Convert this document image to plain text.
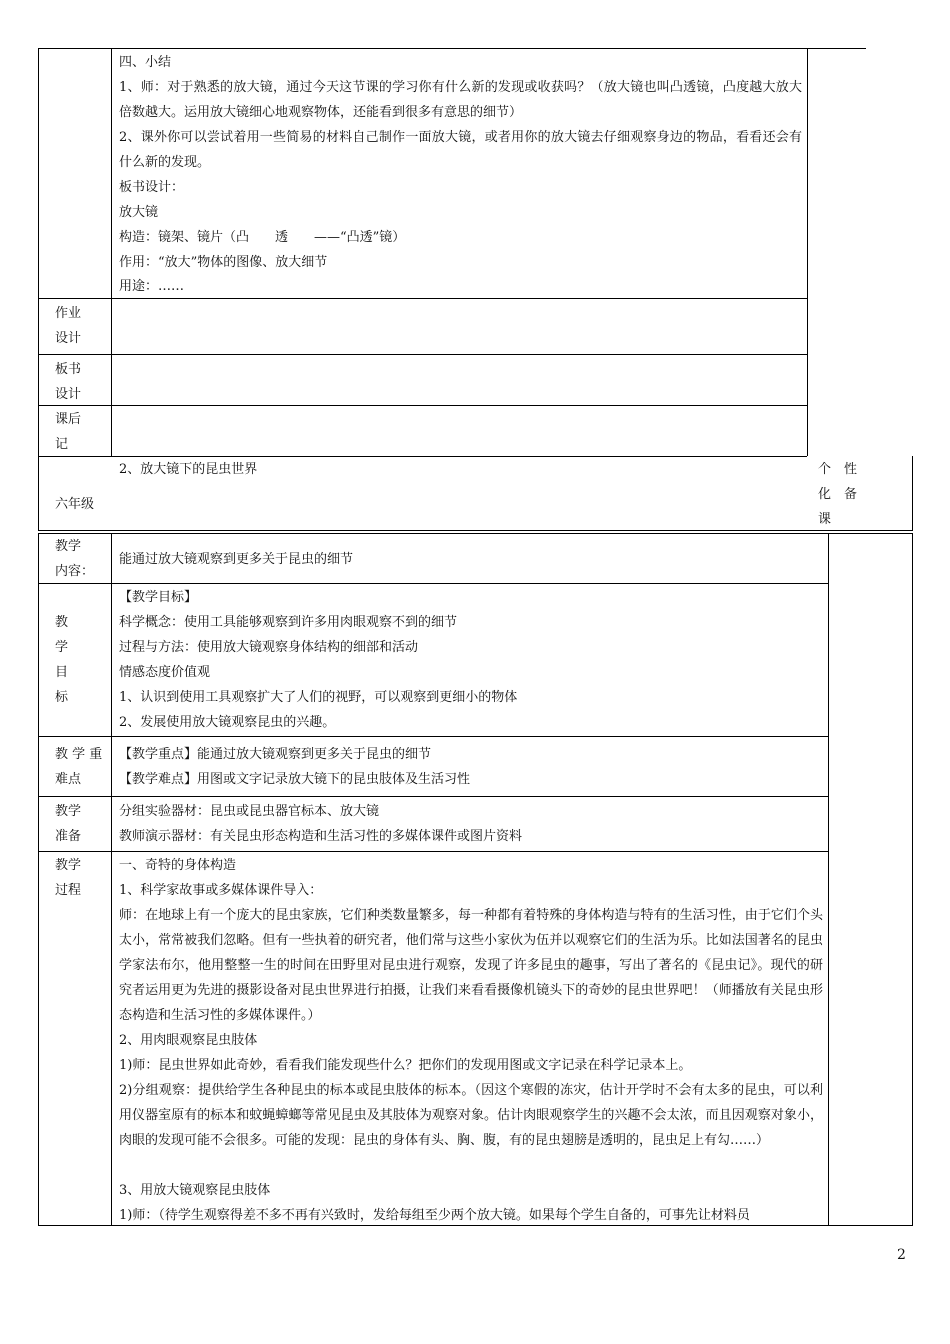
四、小结
1、师：对于熟悉的放大镜，通过今天这节课的学习你有什么新的发现或收获吗？（放大镜也叫凸透镜，凸度越大放大倍数越大。运用放大镜细心地观察物体，还能看到很多有意思的细节）
2、课外你可以尝试着用一些简易的材料自己制作一面放大镜，或者用你的放大镜去仔细观察身边的物品，看看还会有什么新的发现。
板书设计：
放大镜
构造：镜架、镜片（凸　　透　　——“凸透”镜）
作用：“放大”物体的图像、放大细节
用途：……
作业
设计
板书
设计
课后
记
2、放大镜下的昆虫世界
六年级
个　性
化　备
课
教学
内容：
能通过放大镜观察到更多关于昆虫的细节
教
学
目
标
【教学目标】
科学概念：使用工具能够观察到许多用肉眼观察不到的细节
过程与方法：使用放大镜观察身体结构的细部和活动
情感态度价值观
1、认识到使用工具观察扩大了人们的视野，可以观察到更细小的物体
2、发展使用放大镜观察昆虫的兴趣。
教 学 重
难点
【教学重点】能通过放大镜观察到更多关于昆虫的细节
【教学难点】用图或文字记录放大镜下的昆虫肢体及生活习性
教学
准备
分组实验器材：昆虫或昆虫器官标本、放大镜
教师演示器材：有关昆虫形态构造和生活习性的多媒体课件或图片资料
教学
过程
一、奇特的身体构造
1、科学家故事或多媒体课件导入：
师：在地球上有一个庞大的昆虫家族，它们种类数量繁多，每一种都有着特殊的身体构造与特有的生活习性，由于它们个头太小，常常被我们忽略。但有一些执着的研究者，他们常与这些小家伙为伍并以观察它们的生活为乐。比如法国著名的昆虫学家法布尔，他用整整一生的时间在田野里对昆虫进行观察，发现了许多昆虫的趣事，写出了著名的《昆虫记》。现代的研究者运用更为先进的摄影设备对昆虫世界进行拍摄，让我们来看看摄像机镜头下的奇妙的昆虫世界吧！（师播放有关昆虫形态构造和生活习性的多媒体课件。）
2、用肉眼观察昆虫肢体
1)师：昆虫世界如此奇妙，看看我们能发现些什么？把你们的发现用图或文字记录在科学记录本上。
2)分组观察：提供给学生各种昆虫的标本或昆虫肢体的标本。（因这个寒假的冻灾，估计开学时不会有太多的昆虫，可以利用仪器室原有的标本和蚊蝇蟑螂等常见昆虫及其肢体为观察对象。估计肉眼观察学生的兴趣不会太浓，而且因观察对象小，肉眼的发现可能不会很多。可能的发现：昆虫的身体有头、胸、腹，有的昆虫翅膀是透明的，昆虫足上有勾……）
3、用放大镜观察昆虫肢体
1)师：（待学生观察得差不多不再有兴致时，发给每组至少两个放大镜。如果每个学生自备的，可事先让材料员
2
